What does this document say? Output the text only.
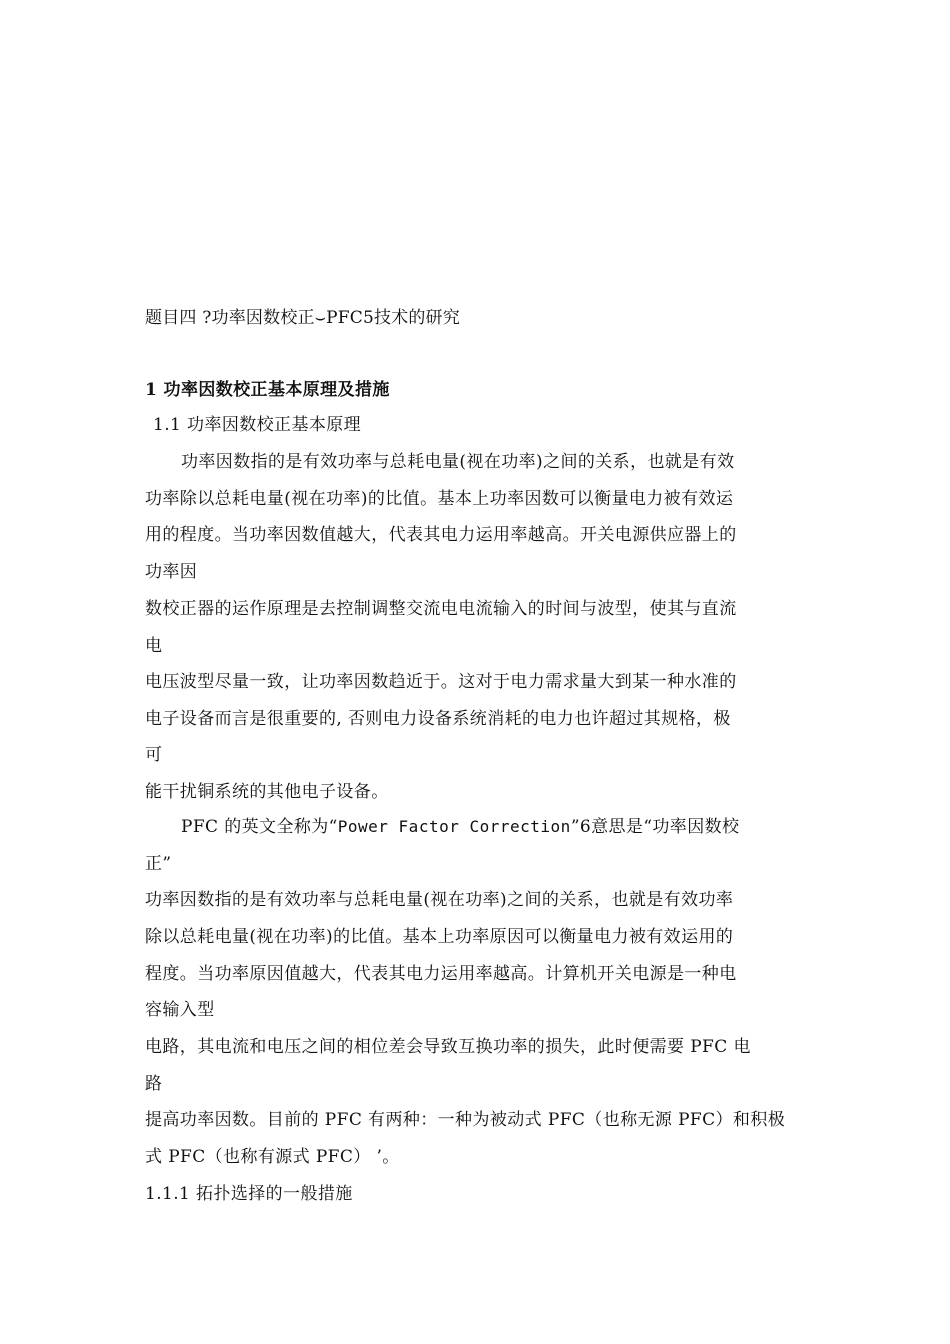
题目四 ?功率因数校正⌣PFC5技术的研究
1 功率因数校正基本原理及措施
1.1 功率因数校正基本原理
功率因数指的是有效功率与总耗电量(视在功率)之间的关系，也就是有效
功率除以总耗电量(视在功率)的比值。基本上功率因数可以衡量电力被有效运
用的程度。当功率因数值越大，代表其电力运用率越高。开关电源供应器上的
功率因
数校正器的运作原理是去控制调整交流电电流输入的时间与波型，使其与直流
电
电压波型尽量一致，让功率因数趋近于。这对于电力需求量大到某一种水准的
电子设备而言是很重要的, 否则电力设备系统消耗的电力也许超过其规格，极
可
能干扰铜系统的其他电子设备。
PFC 的英文全称为“Power Factor Correction”6意思是“功率因数校
正”
功率因数指的是有效功率与总耗电量(视在功率)之间的关系，也就是有效功率
除以总耗电量(视在功率)的比值。基本上功率原因可以衡量电力被有效运用的
程度。当功率原因值越大，代表其电力运用率越高。计算机开关电源是一种电
容输入型
电路，其电流和电压之间的相位差会导致互换功率的损失，此时便需要 PFC 电
路
提高功率因数。目前的 PFC 有两种：一种为被动式 PFC（也称无源 PFC）和积极
式 PFC（也称有源式 PFC） ’。
1.1.1 拓扑选择的一般措施
